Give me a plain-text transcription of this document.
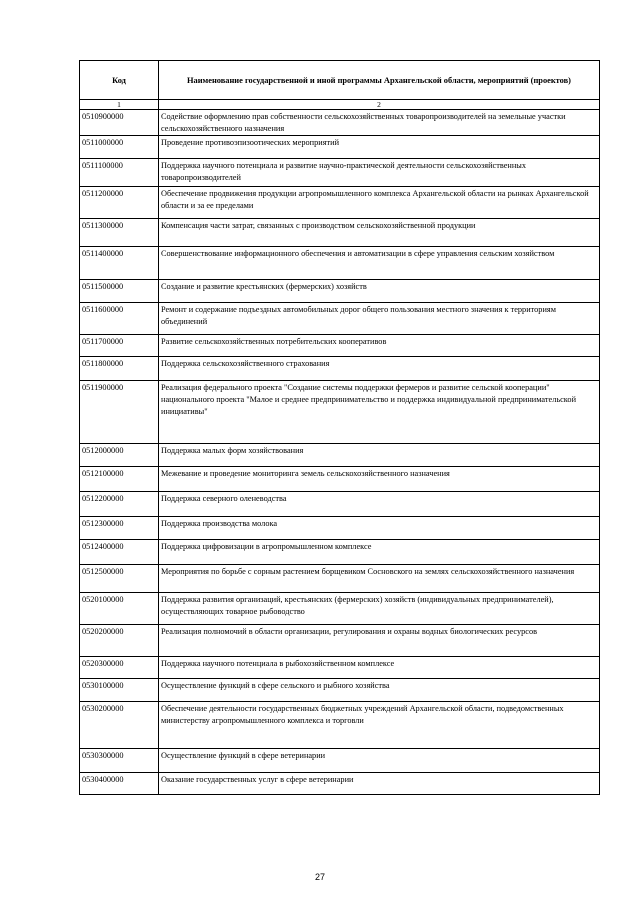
Код	Наименование государственной и иной программы Архангельской области, мероприятий (проектов)
1	2
0510900000	Содействие оформлению прав собственности сельскохозяйственных товаропроизводителей на земельные участки сельскохозяйственного назначения
0511000000	Проведение противоэпизоотических мероприятий
0511100000	Поддержка научного потенциала и развитие научно-практической деятельности сельскохозяйственных товаропроизводителей
0511200000	Обеспечение продвижения продукции агропромышленного комплекса Архангельской области на рынках Архангельской области и за ее пределами
0511300000	Компенсация части затрат, связанных с производством сельскохозяйственной продукции
0511400000	Совершенствование информационного обеспечения и автоматизации в сфере управления сельским хозяйством
0511500000	Создание и развитие крестьянских (фермерских) хозяйств
0511600000	Ремонт и содержание подъездных автомобильных дорог общего пользования местного значения к территориям объединений
0511700000	Развитие сельскохозяйственных потребительских кооперативов
0511800000	Поддержка сельскохозяйственного страхования
0511900000	Реализация федерального проекта "Создание системы поддержки фермеров и развитие сельской кооперации" национального проекта "Малое и среднее предпринимательство и поддержка индивидуальной предпринимательской инициативы"
0512000000	Поддержка малых форм хозяйствования
0512100000	Межевание и проведение мониторинга земель сельскохозяйственного назначения
0512200000	Поддержка северного оленеводства
0512300000	Поддержка производства молока
0512400000	Поддержка цифровизации в агропромышленном комплексе
0512500000	Мероприятия по борьбе с сорным растением борщевиком Сосновского на землях сельскохозяйственного назначения
0520100000	Поддержка развития организаций, крестьянских (фермерских) хозяйств (индивидуальных предпринимателей), осуществляющих товарное рыбоводство
0520200000	Реализация полномочий в области организации, регулирования и охраны водных биологических ресурсов
0520300000	Поддержка научного потенциала в рыбохозяйственном комплексе
0530100000	Осуществление функций в сфере сельского и рыбного хозяйства
0530200000	Обеспечение деятельности государственных бюджетных учреждений Архангельской области, подведомственных министерству агропромышленного комплекса и торговли
0530300000	Осуществление функций в сфере ветеринарии
0530400000	Оказание государственных услуг в сфере ветеринарии
27
